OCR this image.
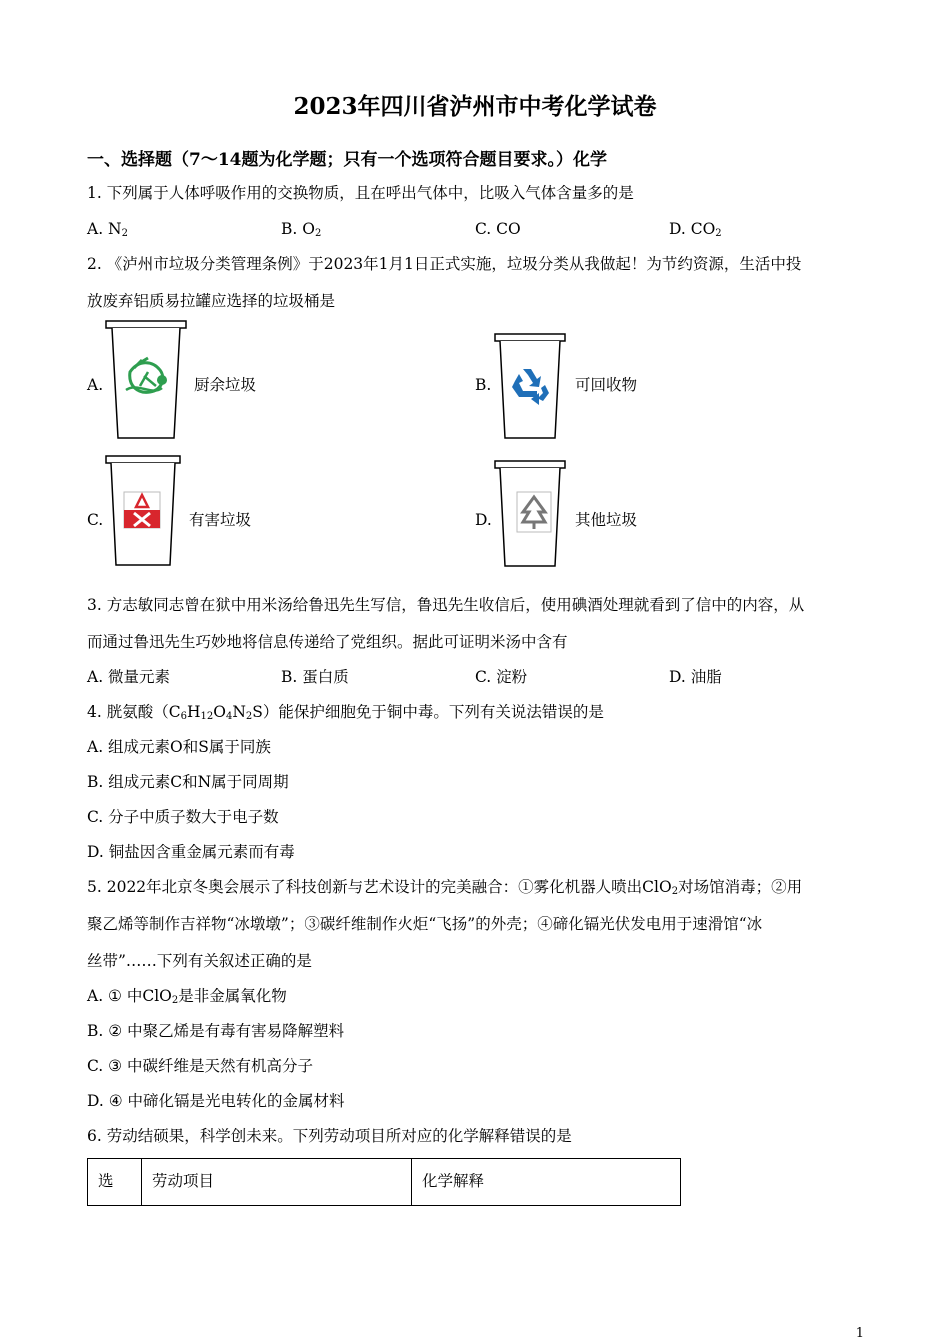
2023年四川省泸州市中考化学试卷
一、选择题（7～14题为化学题；只有一个选项符合题目要求。）化学
1. 下列属于人体呼吸作用的交换物质，且在呼出气体中，比吸入气体含量多的是
A. $N_2$	B. $O_2$	C. CO	D. $CO_2$
2. 《泸州市垃圾分类管理条例》于2023年1月1日正式实施，垃圾分类从我做起！为节约资源，生活中投
放废弃铝质易拉罐应选择的垃圾桶是
A.	厨余垃圾	B.	可回收物
C.	有害垃圾	D.	其他垃圾
3. 方志敏同志曾在狱中用米汤给鲁迅先生写信，鲁迅先生收信后，使用碘酒处理就看到了信中的内容，从
而通过鲁迅先生巧妙地将信息传递给了党组织。据此可证明米汤中含有
A. 微量元素	B. 蛋白质	C. 淀粉	D. 油脂
4. 胱氨酸$(C_6H_{12}O_4N_2S)$能保护细胞免于铜中毒。下列有关说法错误的是
A. 组成元素O和S属于同族
B. 组成元素C和N属于同周期
C. 分子中质子数大于电子数
D. 铜盐因含重金属元素而有毒
5. 2022年北京冬奥会展示了科技创新与艺术设计的完美融合：①雾化机器人喷出ClO$_2$对场馆消毒；②用
聚乙烯等制作吉祥物“冰墩墩”；③碳纤维制作火炬“飞扬”的外壳；④碲化镉光伏发电用于速滑馆“冰
丝带”……下列有关叙述正确的是
A. ① 中ClO$_2$是非金属氧化物
B. ② 中聚乙烯是有毒有害易降解塑料
C. ③ 中碳纤维是天然有机高分子
D. ④ 中碲化镉是光电转化的金属材料
6. 劳动结硕果，科学创未来。下列劳动项目所对应的化学解释错误的是
选	劳动项目	化学解释
1
